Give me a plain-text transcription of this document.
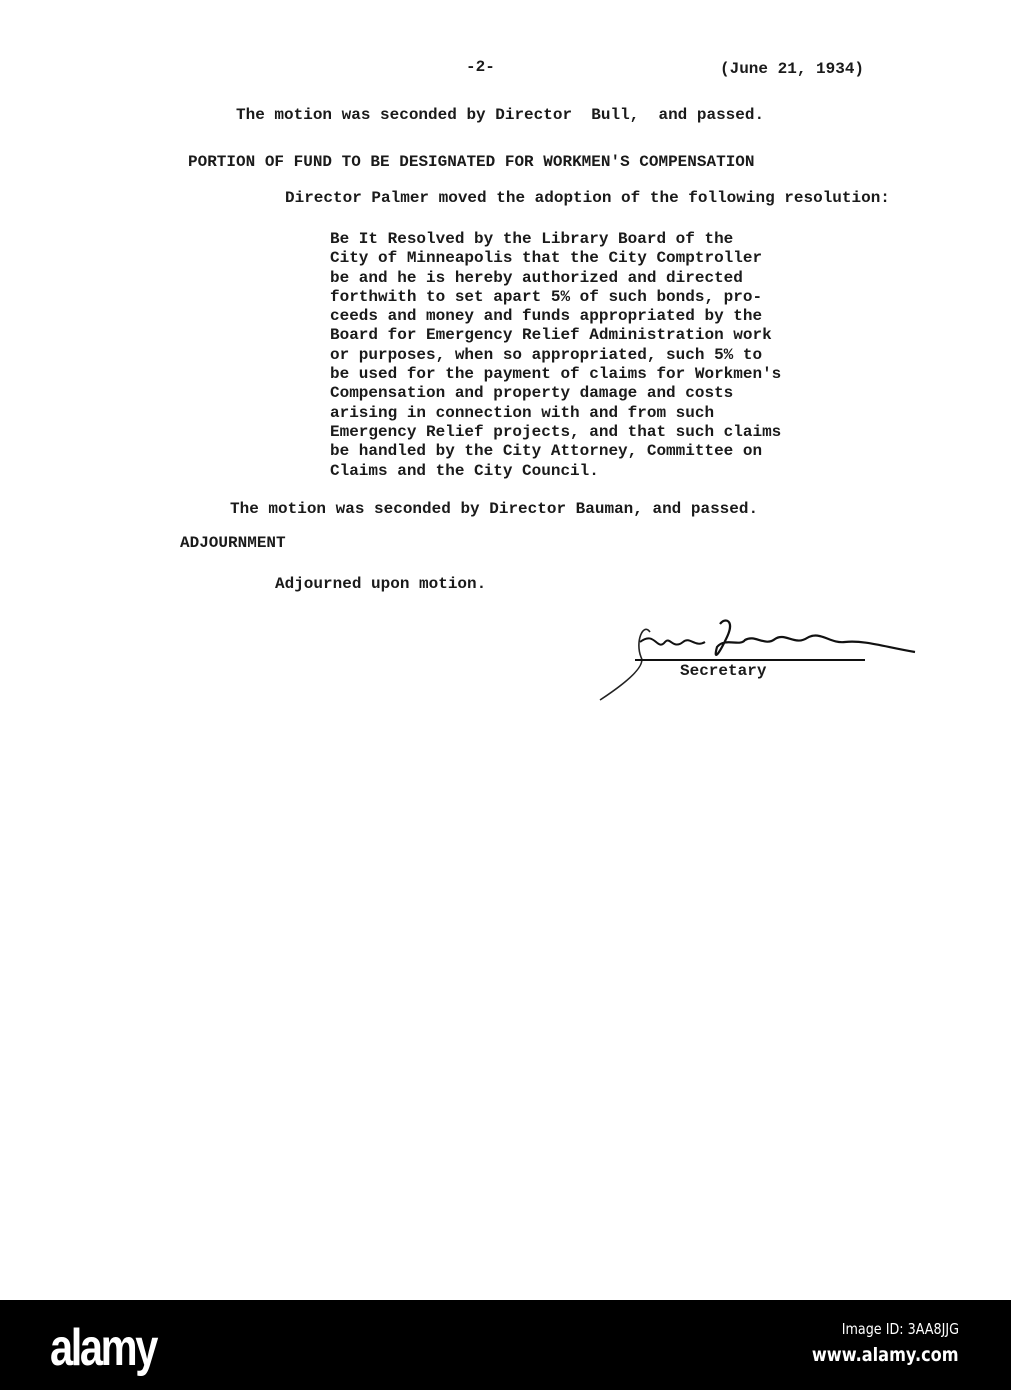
-2-	(June 21, 1934)
The motion was seconded by Director  Bull,  and passed.
PORTION OF FUND TO BE DESIGNATED FOR WORKMEN'S COMPENSATION
Director Palmer moved the adoption of the following resolution:
Be It Resolved by the Library Board of the
City of Minneapolis that the City Comptroller
be and he is hereby authorized and directed
forthwith to set apart 5% of such bonds, pro-
ceeds and money and funds appropriated by the
Board for Emergency Relief Administration work
or purposes, when so appropriated, such 5% to
be used for the payment of claims for Workmen's
Compensation and property damage and costs
arising in connection with and from such
Emergency Relief projects, and that such claims
be handled by the City Attorney, Committee on
Claims and the City Council.
The motion was seconded by Director Bauman, and passed.
ADJOURNMENT
Adjourned upon motion.
Secretary
alamy	Image ID: 3AA8JJG
www.alamy.com
